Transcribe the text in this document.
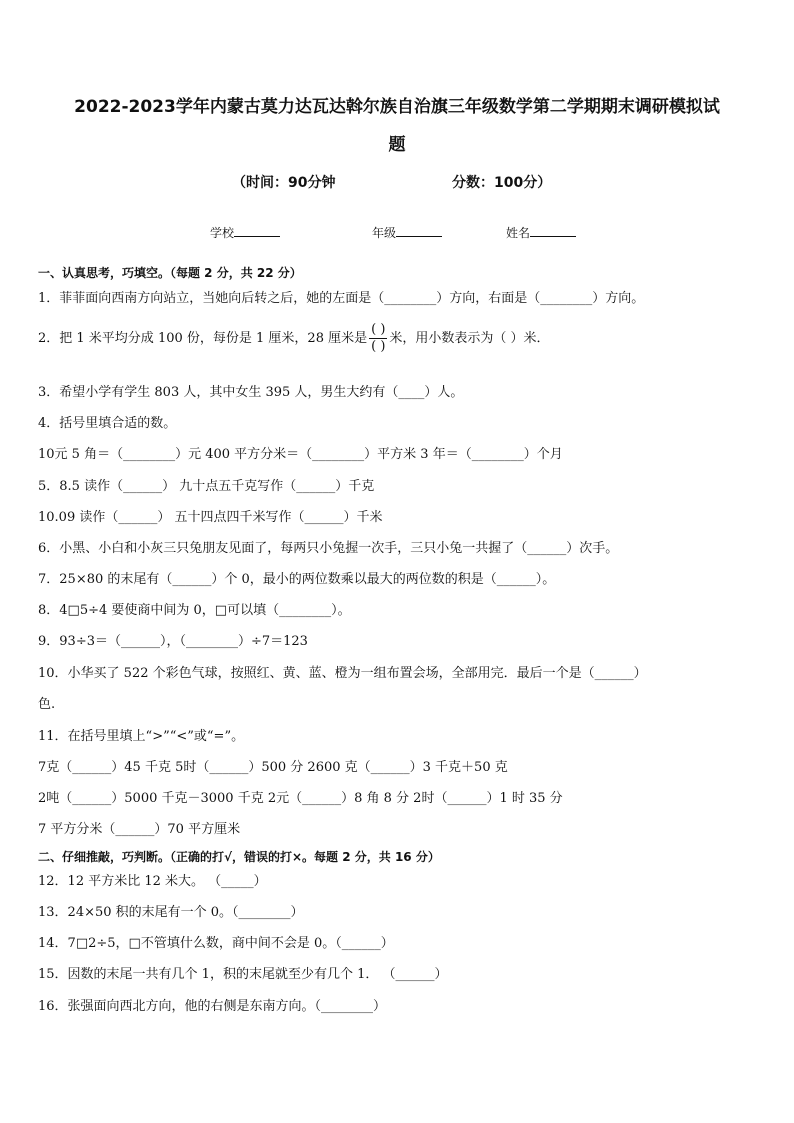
2022-2023学年内蒙古莫力达瓦达斡尔族自治旗三年级数学第二学期期末调研模拟试
题
（时间：90分钟	分数：100分）
学校	年级	姓名
一、认真思考，巧填空。（每题 2 分，共 22 分）
1．菲菲面向西南方向站立，当她向后转之后，她的左面是（________）方向，右面是（________）方向。
2．把 1 米平均分成 100 份，每份是 1 厘米，28 厘米是 $\frac{( )}{( )}$ 米，用小数表示为（ ）米．
3．希望小学有学生 803 人，其中女生 395 人，男生大约有（____）人。
4．括号里填合适的数。
10元 5 角＝（________）元 400 平方分米＝（________）平方米 3 年＝（________）个月
5．8.5 读作（______） 九十点五千克写作（______）千克
10.09 读作（______） 五十四点四千米写作（______）千米
6．小黑、小白和小灰三只兔朋友见面了，每两只小兔握一次手，三只小兔一共握了（______）次手。
7．25×80 的末尾有（______）个 0，最小的两位数乘以最大的两位数的积是（______）。
8．4□5÷4 要使商中间为 0，□可以填（________）。
9．93÷3＝（______），（________）÷7＝123
10．小华买了 522 个彩色气球，按照红、黄、蓝、橙为一组布置会场，全部用完．最后一个是（______）
色.
11．在括号里填上“>”“<”或“=”。
7克（______）45 千克 5时（______）500 分 2600 克（______）3 千克＋50 克
2吨（______）5000 千克－3000 千克 2元（______）8 角 8 分 2时（______）1 时 35 分
7 平方分米（______）70 平方厘米
二、仔细推敲，巧判断。（正确的打√，错误的打×。每题 2 分，共 16 分）
12．12 平方米比 12 米大。 （_____）
13．24×50 积的末尾有一个 0。（________）
14．7□2÷5，□不管填什么数，商中间不会是 0。（______）
15．因数的末尾一共有几个 1，积的末尾就至少有几个 1． （______）
16．张强面向西北方向，他的右侧是东南方向。（________）
